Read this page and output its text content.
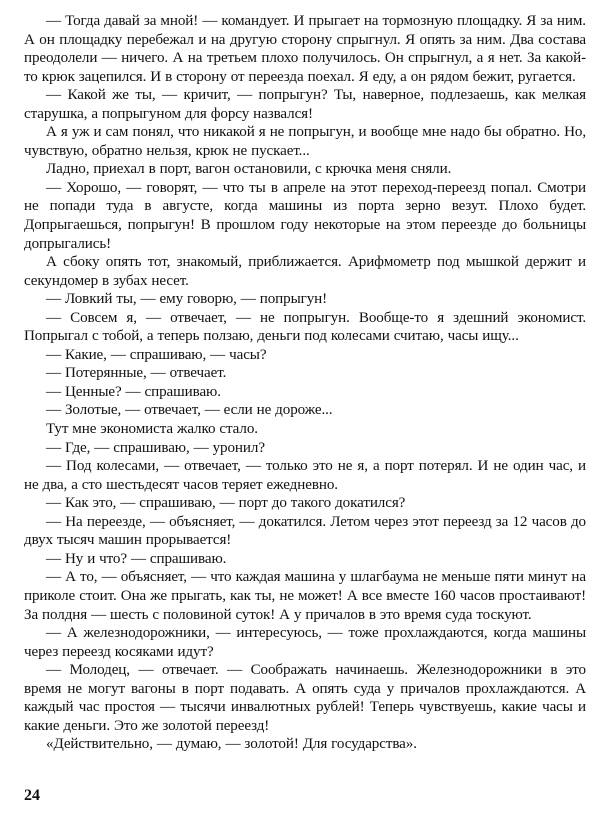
— Тогда давай за мной! — командует. И прыгает на тормозную площадку. Я за ним. А он площадку перебежал и на другую сторону спрыгнул. Я опять за ним. Два состава преодолели — ничего. А на третьем плохо получилось. Он спрыгнул, а я нет. За какой-то крюк зацепился. И в сторону от переезда поехал. Я еду, а он рядом бежит, ругается.

— Какой же ты, — кричит, — попрыгун? Ты, наверное, подлезаешь, как мелкая старушка, а попрыгуном для форсу назвался!

А я уж и сам понял, что никакой я не попрыгун, и вообще мне надо бы обратно. Но, чувствую, обратно нельзя, крюк не пускает...

Ладно, приехал в порт, вагон остановили, с крючка меня сняли.

— Хорошо, — говорят, — что ты в апреле на этот переход-переезд попал. Смотри не попади туда в августе, когда машины из порта зерно везут. Плохо будет. Допрыгаешься, попрыгун! В прошлом году некоторые на этом переезде до больницы допрыгались!

А сбоку опять тот, знакомый, приближается. Арифмометр под мышкой держит и секундомер в зубах несет.

— Ловкий ты, — ему говорю, — попрыгун!

— Совсем я, — отвечает, — не попрыгун. Вообще-то я здешний экономист. Попрыгал с тобой, а теперь ползаю, деньги под колесами считаю, часы ищу...

— Какие, — спрашиваю, — часы?

— Потерянные, — отвечает.

— Ценные? — спрашиваю.

— Золотые, — отвечает, — если не дороже...

Тут мне экономиста жалко стало.

— Где, — спрашиваю, — уронил?

— Под колесами, — отвечает, — только это не я, а порт потерял. И не один час, и не два, а сто шестьдесят часов теряет ежедневно.

— Как это, — спрашиваю, — порт до такого докатился?

— На переезде, — объясняет, — докатился. Летом через этот переезд за 12 часов до двух тысяч машин прорывается!

— Ну и что? — спрашиваю.

— А то, — объясняет, — что каждая машина у шлагбаума не меньше пяти минут на приколе стоит. Она же прыгать, как ты, не может! А все вместе 160 часов простаивают! За полдня — шесть с половиной суток! А у причалов в это время суда тоскуют.

— А железнодорожники, — интересуюсь, — тоже прохлаждаются, когда машины через переезд косяками идут?

— Молодец, — отвечает. — Соображать начинаешь. Железнодорожники в это время не могут вагоны в порт подавать. А опять суда у причалов прохлаждаются. А каждый час простоя — тысячи инвалютных рублей! Теперь чувствуешь, какие часы и какие деньги. Это же золотой переезд!

«Действительно, — думаю, — золотой! Для государства».

24
